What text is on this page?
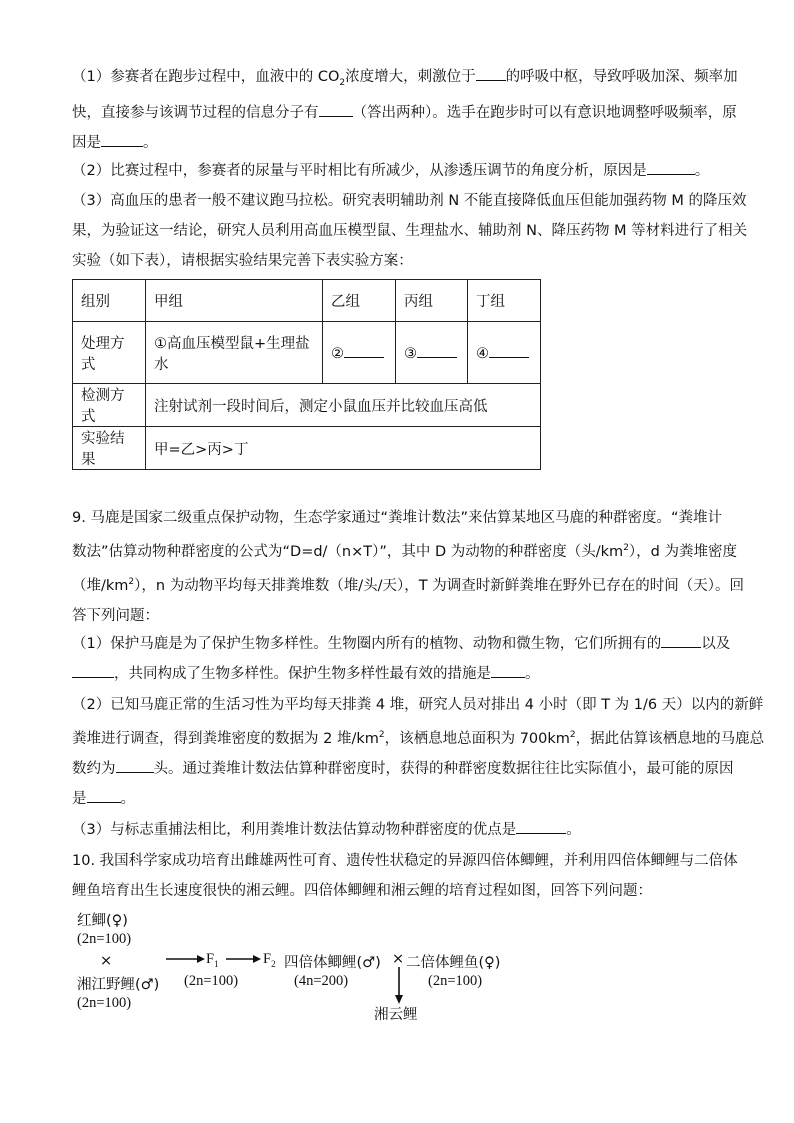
（1）参赛者在跑步过程中，血液中的 $CO_2$浓度增大，刺激位于 的呼吸中枢，导致呼吸加深、频率加
快，直接参与该调节过程的信息分子有 （答出两种）。选手在跑步时可以有意识地调整呼吸频率，原
因是	。
（2）比赛过程中，参赛者的尿量与平时相比有所减少，从渗透压调节的角度分析，原因是	。
（3）高血压的患者一般不建议跑马拉松。研究表明辅助剂 N 不能直接降低血压但能加强药物 M 的降压效
果，为验证这一结论，研究人员利用高血压模型鼠、生理盐水、辅助剂 N、降压药物 M 等材料进行了相关
实验（如下表），请根据实验结果完善下表实验方案：
组别	甲组	乙组	丙组	丁组
处理方式	①高血压模型鼠+生理盐水	②	③	④
检测方式	注射试剂一段时间后，测定小鼠血压并比较血压高低			
实验结果	甲=乙>丙>丁			
9. 马鹿是国家二级重点保护动物，生态学家通过“粪堆计数法”来估算某地区马鹿的种群密度。“粪堆计
数法”估算动物种群密度的公式为“D=d/（n×T）”，其中 D 为动物的种群密度（头$/km^2$），d 为粪堆密度
（堆$/km^2$），n 为动物平均每天排粪堆数（堆/头/天），T 为调查时新鲜粪堆在野外已存在的时间（天）。回
答下列问题：
（1）保护马鹿是为了保护生物多样性。生物圈内所有的植物、动物和微生物，它们所拥有的	以及
，共同构成了生物多样性。保护生物多样性最有效的措施是 。
（2）已知马鹿正常的生活习性为平均每天排粪 4 堆，研究人员对排出 4 小时（即 T 为 1/6 天）以内的新鲜
粪堆进行调查，得到粪堆密度的数据为 2 堆$/km^2$，该栖息地总面积为 $700km^2$，据此估算该栖息地的马鹿总
数约为	头。通过粪堆计数法估算种群密度时，获得的种群密度数据往往比实际值小，最可能的原因
是 。
（3）与标志重捕法相比，利用粪堆计数法估算动物种群密度的优点是	。
10. 我国科学家成功培育出雌雄两性可育、遗传性状稳定的异源四倍体鲫鲤，并利用四倍体鲫鲤与二倍体
鲤鱼培育出生长速度很快的湘云鲤。四倍体鲫鲤和湘云鲤的培育过程如图，回答下列问题：
红鲫(♀)
(2n=100)
×
湘江野鲤(♂)
(2n=100)
$F_1$
(2n=100)
$F_2$ 四倍体鲫鲤(♂) × 二倍体鲤鱼(♀)
(4n=200)	(2n=100)
湘云鲤
